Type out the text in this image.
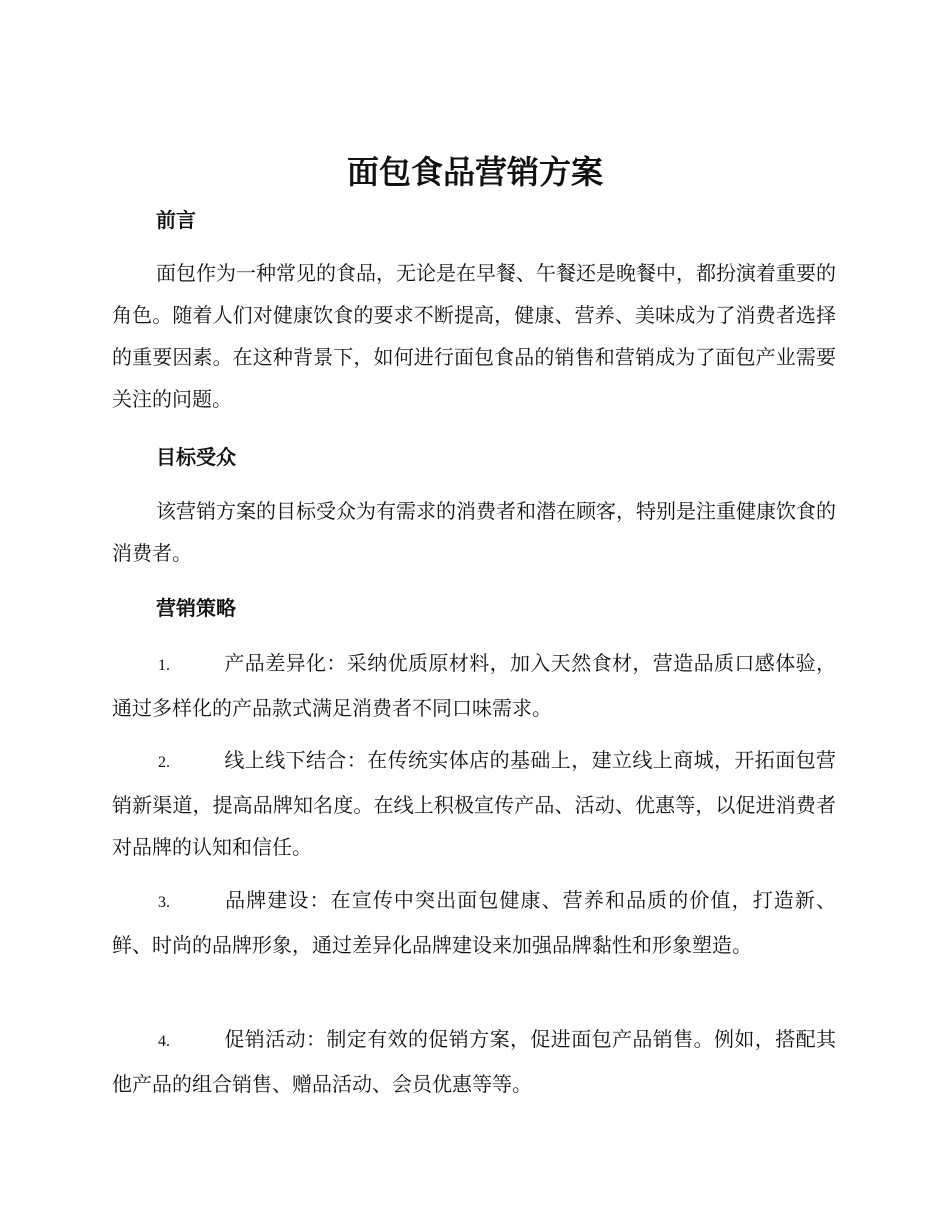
面包食品营销方案
前言

面包作为一种常见的食品，无论是在早餐、午餐还是晚餐中，都扮演着重要的角色。随着人们对健康饮食的要求不断提高，健康、营养、美味成为了消费者选择的重要因素。在这种背景下，如何进行面包食品的销售和营销成为了面包产业需要关注的问题。

目标受众

该营销方案的目标受众为有需求的消费者和潜在顾客，特别是注重健康饮食的消费者。

营销策略

1.	产品差异化：采纳优质原材料，加入天然食材，营造品质口感体验，通过多样化的产品款式满足消费者不同口味需求。

2.	线上线下结合：在传统实体店的基础上，建立线上商城，开拓面包营销新渠道，提高品牌知名度。在线上积极宣传产品、活动、优惠等，以促进消费者对品牌的认知和信任。

3.	品牌建设：在宣传中突出面包健康、营养和品质的价值，打造新、鲜、时尚的品牌形象，通过差异化品牌建设来加强品牌黏性和形象塑造。

4.	促销活动：制定有效的促销方案，促进面包产品销售。例如，搭配其他产品的组合销售、赠品活动、会员优惠等等。
